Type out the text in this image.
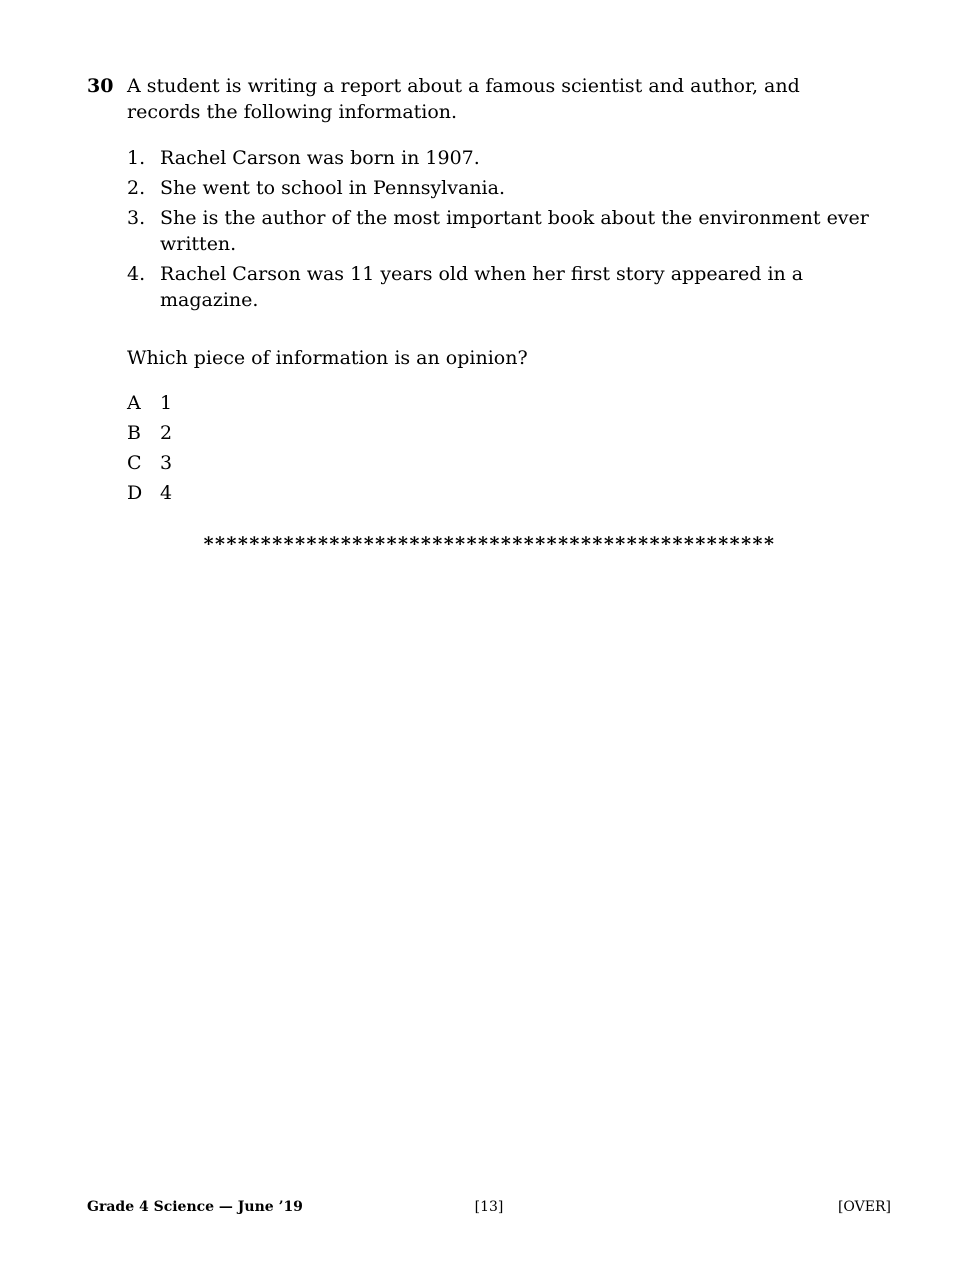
30 A student is writing a report about a famous scientist and author, and records the following information.
1. Rachel Carson was born in 1907.
2. She went to school in Pennsylvania.
3. She is the author of the most important book about the environment ever written.
4. Rachel Carson was 11 years old when her first story appeared in a magazine.
Which piece of information is an opinion?
A	1
B	2
C 3
D 4
**************************************************
Grade 4 Science — June ’19	[13]	[OVER]
